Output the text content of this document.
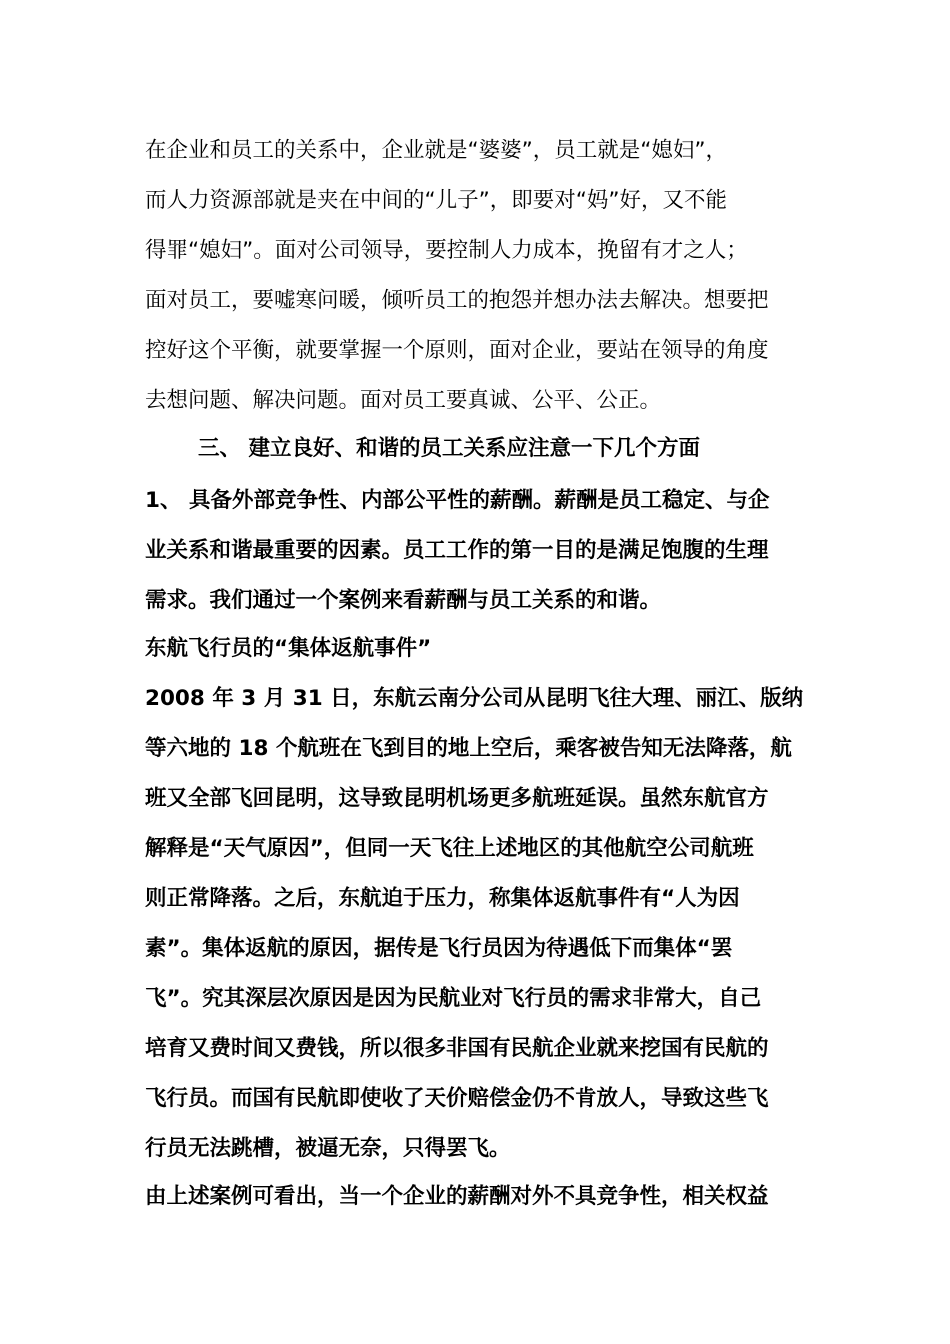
在企业和员工的关系中，企业就是“婆婆”，员工就是“媳妇”，
而人力资源部就是夹在中间的“儿子”，即要对“妈”好，又不能
得罪“媳妇”。面对公司领导，要控制人力成本，挽留有才之人；
面对员工，要嘘寒问暖，倾听员工的抱怨并想办法去解决。想要把
控好这个平衡，就要掌握一个原则，面对企业，要站在领导的角度
去想问题、解决问题。面对员工要真诚、公平、公正。
三、 建立良好、和谐的员工关系应注意一下几个方面
1、 具备外部竞争性、内部公平性的薪酬。薪酬是员工稳定、与企
业关系和谐最重要的因素。员工工作的第一目的是满足饱腹的生理
需求。我们通过一个案例来看薪酬与员工关系的和谐。
东航飞行员的“集体返航事件”
2008 年 3 月 31 日，东航云南分公司从昆明飞往大理、丽江、版纳
等六地的 18 个航班在飞到目的地上空后，乘客被告知无法降落，航
班又全部飞回昆明，这导致昆明机场更多航班延误。虽然东航官方
解释是“天气原因”，但同一天飞往上述地区的其他航空公司航班
则正常降落。之后，东航迫于压力，称集体返航事件有“人为因
素”。集体返航的原因，据传是飞行员因为待遇低下而集体“罢
飞”。究其深层次原因是因为民航业对飞行员的需求非常大，自己
培育又费时间又费钱，所以很多非国有民航企业就来挖国有民航的
飞行员。而国有民航即使收了天价赔偿金仍不肯放人，导致这些飞
行员无法跳槽，被逼无奈，只得罢飞。
由上述案例可看出，当一个企业的薪酬对外不具竞争性，相关权益
